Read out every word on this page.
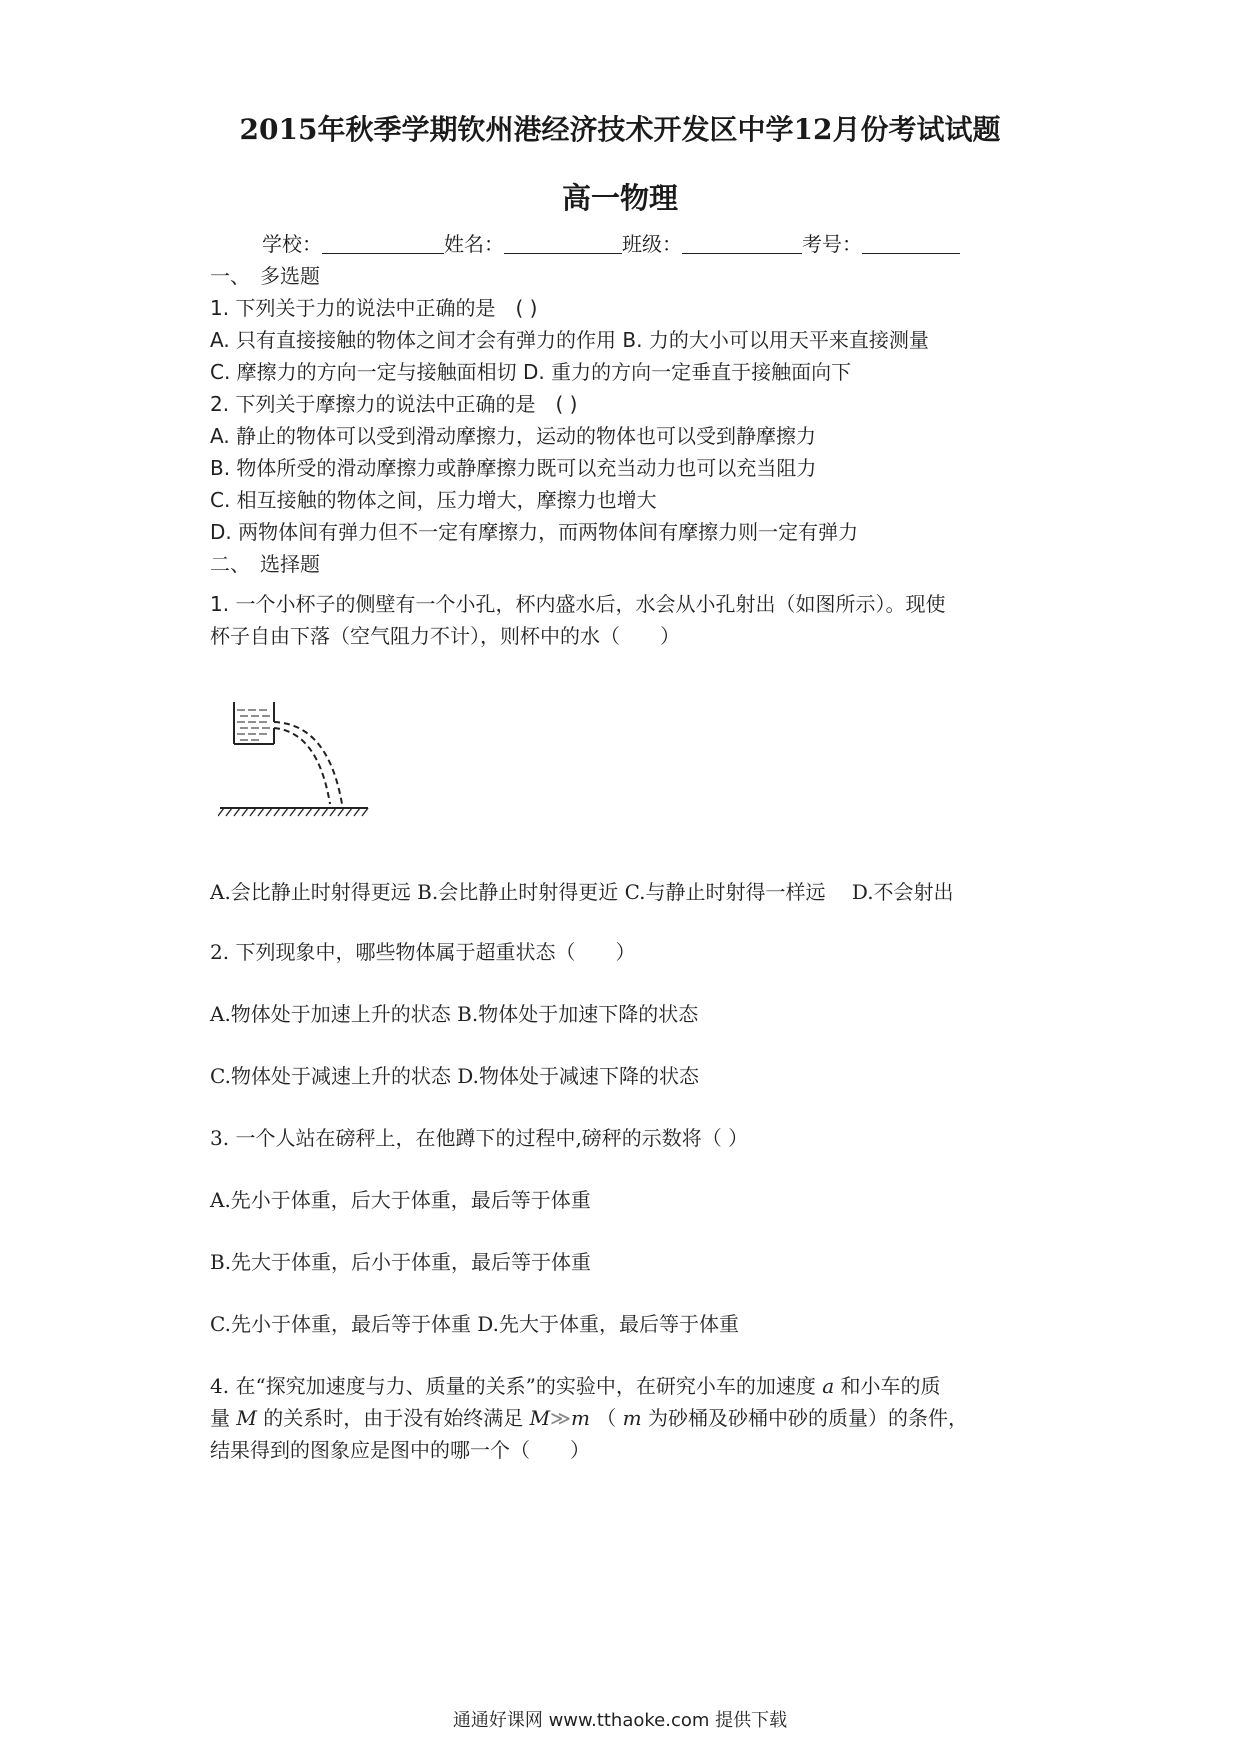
2015年秋季学期钦州港经济技术开发区中学12月份考试试题
高一物理
学校：	姓名：	班级：	考号：
一、　多选题
1. 下列关于力的说法中正确的是　( )
A. 只有直接接触的物体之间才会有弹力的作用 B. 力的大小可以用天平来直接测量
C. 摩擦力的方向一定与接触面相切 D. 重力的方向一定垂直于接触面向下
2. 下列关于摩擦力的说法中正确的是　( )
A. 静止的物体可以受到滑动摩擦力，运动的物体也可以受到静摩擦力
B. 物体所受的滑动摩擦力或静摩擦力既可以充当动力也可以充当阻力
C. 相互接触的物体之间，压力增大，摩擦力也增大
D. 两物体间有弹力但不一定有摩擦力，而两物体间有摩擦力则一定有弹力
二、　选择题
1. 一个小杯子的侧壁有一个小孔，杯内盛水后，水会从小孔射出（如图所示）。现使
杯子自由下落（空气阻力不计），则杯中的水（　　）
A.会比静止时射得更远 B.会比静止时射得更近 C.与静止时射得一样远　 D.不会射出
2. 下列现象中，哪些物体属于超重状态（　　）
A.物体处于加速上升的状态 B.物体处于加速下降的状态
C.物体处于减速上升的状态 D.物体处于减速下降的状态
3. 一个人站在磅秤上，在他蹲下的过程中,磅秤的示数将（ ）
A.先小于体重，后大于体重，最后等于体重
B.先大于体重，后小于体重，最后等于体重
C.先小于体重，最后等于体重 D.先大于体重，最后等于体重
4. 在“探究加速度与力、质量的关系”的实验中，在研究小车的加速度 a 和小车的质
量 M 的关系时，由于没有始终满足 M≫m （ m 为砂桶及砂桶中砂的质量）的条件，
结果得到的图象应是图中的哪一个（　　）
通通好课网 www.tthaoke.com 提供下载
